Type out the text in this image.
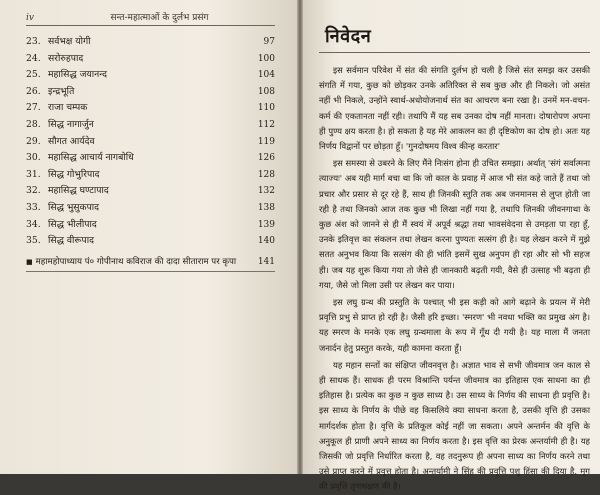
iv	सन्त-महात्माओं के दुर्लभ प्रसंग
23. सर्वभक्ष योगी	97
24. सरोरुहपाद	100
25. महासिद्ध जयानन्द	104
26. इन्द्रभूति	108
27. राजा चम्पक	110
28. सिद्ध नागार्जुन	112
29. सौगत आर्यदेव	119
30. महासिद्ध आचार्य नागबोधि	126
31. सिद्ध गोभुरिपाद	128
32. महासिद्ध घण्टापाद	132
33. सिद्ध भुसुकपाद	138
34. सिद्ध भीलीपाद	139
35. सिद्ध वीरूपाद	140
■ महामहोपाध्याय पं० गोपीनाथ कविराज की दादा सीताराम पर कृपा	141
निवेदन

इस सर्वमान परिवेश में संत की संगति दुर्लभ हो चली है जिसे संत समझ कर उसकी संगति में गया, कुछ को छोड़कर उनके अतिरिक्त से सब कुछ और ही निकले। जो असंत नहीं भी निकले, उन्होंने स्वार्थ-अधोयोजनार्थ संत का आचरण बना रखा है। उनमें मन-वचन-कर्म की एकतानता नहीं रही। तथापि मैं यह सब उनका दोष नहीं मानता। दोषारोपण अपना ही पुण्य क्षय करता है। हो सकता है यह मेरे आकलन का ही दृष्टिकोण का दोष हो। अतः यह निर्णय विद्वानों पर छोड़ता हूँ। 'गुनदोषमय विश्व कीन्ह करतार'

इस समस्या से उबरने के लिए मैंने निःसंग होना ही उचित समझा। अर्थात् 'संगं सर्वात्मना त्याज्यः' अब यही मार्ग बचा था कि जो काल के प्रवाह में आज भी संत कहे जाते हैं तथा जो प्रचार और प्रसार से दूर रहे हैं, साथ ही जिनकी स्तुति तक अब जनमानस से लुप्त होती जा रही है तथा जिनको आज तक कुछ भी लिखा नहीं गया है, तथापि जिनकी जीवनगाथा के कुछ अंश को जानने से ही मैं स्वयं में अपूर्व श्रद्धा तथा भावसंवेदना से उमड़ता पा रहा हूँ, उनके इतिवृत्त का संकलन तथा लेखन करना पुण्यतः सत्संग ही है। यह लेखन करने में मुझे सतत अनुभव किया कि सत्संग की ही भांति इसमें सुख अनुपम ही रहा और सो भी सहज ही। जब यह शुरू किया गया तो जैसे ही जानकारी बढ़ती गयी, वैसे ही उत्साह भी बढ़ता ही गया, जैसे जो मिला उसी पर लेखन कर पाया।

इस लघु ग्रन्थ की प्रस्तुति के पश्चात् भी इस कड़ी को आगे बढ़ाने के प्रयत्न में मेरी प्रवृत्ति प्रभु से प्राप्त हो रही है। जैसी हरि इच्छा। 'स्मरण' भी नवधा भक्ति का प्रमुख अंग है। यह स्मरण के मनके एक लघु ग्रन्थमाला के रूप में गूँथ दी गयी है। यह माला मैं जनता जनार्दन हेतु प्रस्तुत करके, यही कामना करता हूँ।

यह महान सन्तों का संक्षिप्त जीवनवृत्त है। अज्ञात भाव से सभी जीवमात्र जन काल से ही साधक हैं। साधक ही परम विश्रान्ति पर्यन्त जीवमात्र का इतिहास एक साधना का ही इतिहास है। प्रत्येक का कुछ न कुछ साध्य है। उस साध्य के निर्णय की साधना ही प्रवृत्ति है। इस साध्य के निर्णय के पीछे वह किसलिये क्या साधना करता है, उसकी वृत्ति ही उसका मार्गदर्शक होता है। वृत्ति के प्रतिकूल कोई नहीं जा सकता। अपने अन्तर्मन की वृत्ति के अनुकूल ही प्राणी अपने साध्य का निर्णय करता है। इस वृत्ति का प्रेरक अन्तर्यामी ही है। यह जिसकी जो प्रवृत्ति निर्धारित करता है, वह तदनुरूप ही अपना साध्य का निर्णय करने तथा उसे प्राप्त करने में प्रवृत्त होता है। अन्तर्यामी ने सिंह की प्रवृत्ति पशु हिंसा की दिया है, मृग की प्रवृत्ति तृणभक्षण की है।
